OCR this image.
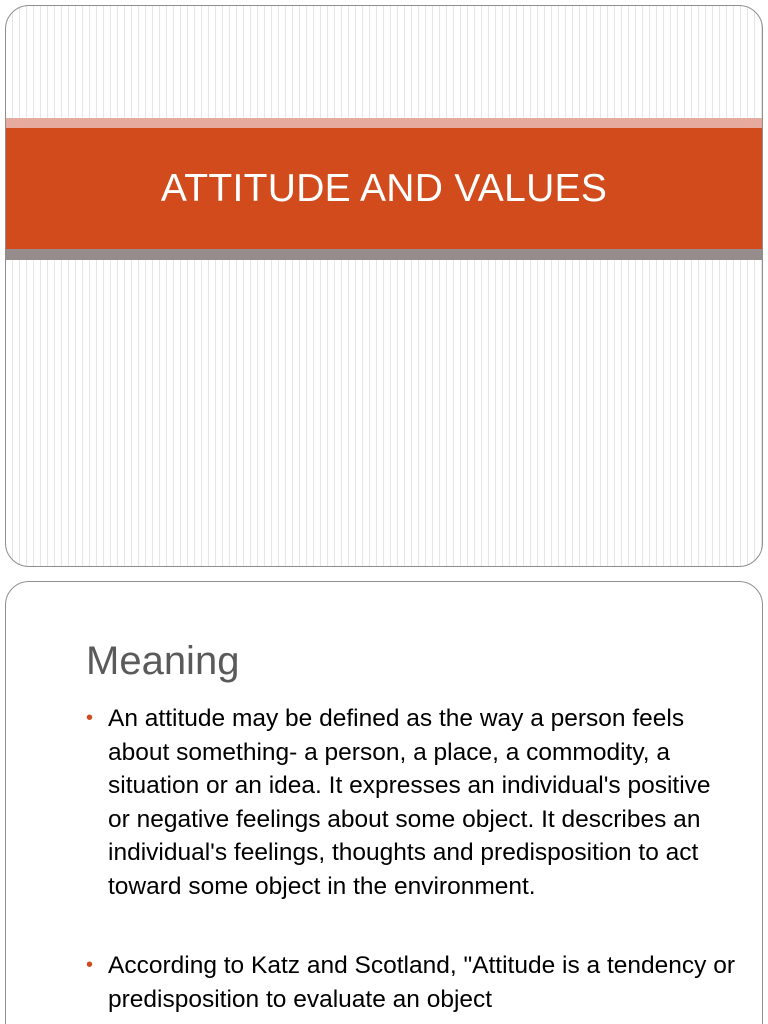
ATTITUDE AND VALUES
Meaning
• An attitude may be defined as the way a person feels about something- a person, a place, a commodity, a situation or an idea. It expresses an individual's positive or negative feelings about some object. It describes an individual's feelings, thoughts and predisposition to act toward some object in the environment.
• According to Katz and Scotland, "Attitude is a tendency or predisposition to evaluate an object
